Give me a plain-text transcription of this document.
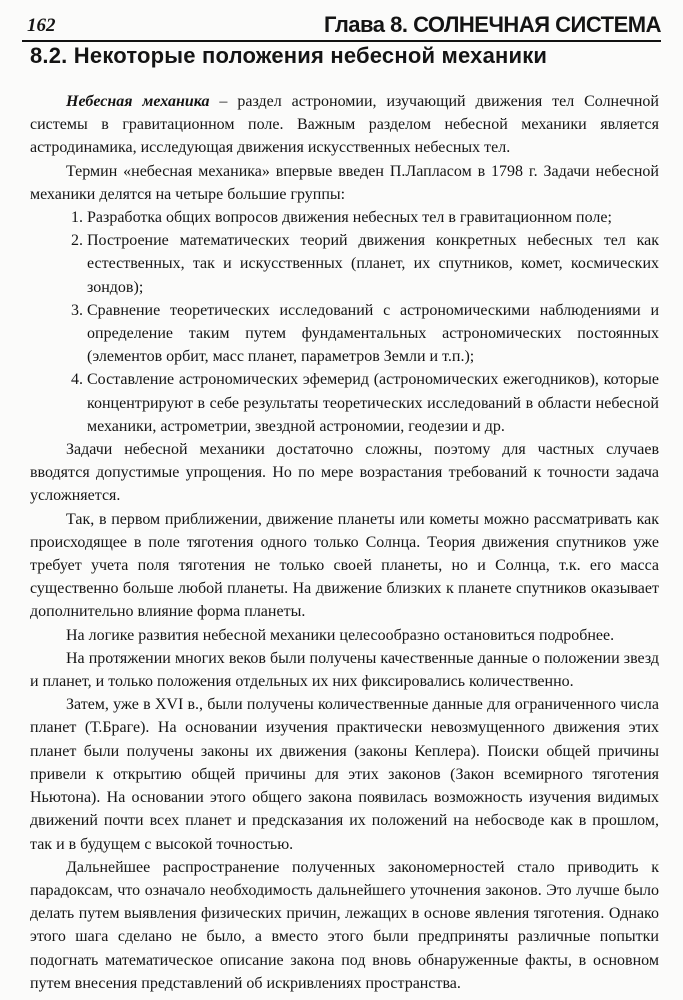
162	Глава 8. СОЛНЕЧНАЯ СИСТЕМА
8.2. Некоторые положения небесной механики

Небесная механика – раздел астрономии, изучающий движения тел Солнечной системы в гравитационном поле. Важным разделом небесной механики является астродинамика, исследующая движения искусственных небесных тел.

Термин «небесная механика» впервые введен П.Лапласом в 1798 г. Задачи небесной механики делятся на четыре большие группы:

1. Разработка общих вопросов движения небесных тел в гравитационном поле;
2. Построение математических теорий движения конкретных небесных тел как естественных, так и искусственных (планет, их спутников, комет, космических зондов);
3. Сравнение теоретических исследований с астрономическими наблюдениями и определение таким путем фундаментальных астрономических постоянных (элементов орбит, масс планет, параметров Земли и т.п.);
4. Составление астрономических эфемерид (астрономических ежегодников), которые концентрируют в себе результаты теоретических исследований в области небесной механики, астрометрии, звездной астрономии, геодезии и др.

Задачи небесной механики достаточно сложны, поэтому для частных случаев вводятся допустимые упрощения. Но по мере возрастания требований к точности задача усложняется.

Так, в первом приближении, движение планеты или кометы можно рассматривать как происходящее в поле тяготения одного только Солнца. Теория движения спутников уже требует учета поля тяготения не только своей планеты, но и Солнца, т.к. его масса существенно больше любой планеты. На движение близких к планете спутников оказывает дополнительно влияние форма планеты.

На логике развития небесной механики целесообразно остановиться подробнее.

На протяжении многих веков были получены качественные данные о положении звезд и планет, и только положения отдельных их них фиксировались количественно.

Затем, уже в XVI в., были получены количественные данные для ограниченного числа планет (Т.Браге). На основании изучения практически невозмущенного движения этих планет были получены законы их движения (законы Кеплера). Поиски общей причины привели к открытию общей причины для этих законов (Закон всемирного тяготения Ньютона). На основании этого общего закона появилась возможность изучения видимых движений почти всех планет и предсказания их положений на небосводе как в прошлом, так и в будущем с высокой точностью.

Дальнейшее распространение полученных закономерностей стало приводить к парадоксам, что означало необходимость дальнейшего уточнения законов. Это лучше было делать путем выявления физических причин, лежащих в основе явления тяготения. Однако этого шага сделано не было, а вместо этого были предприняты различные попытки подогнать математическое описание закона под вновь обнаруженные факты, в основном путем внесения представлений об искривлениях пространства.
